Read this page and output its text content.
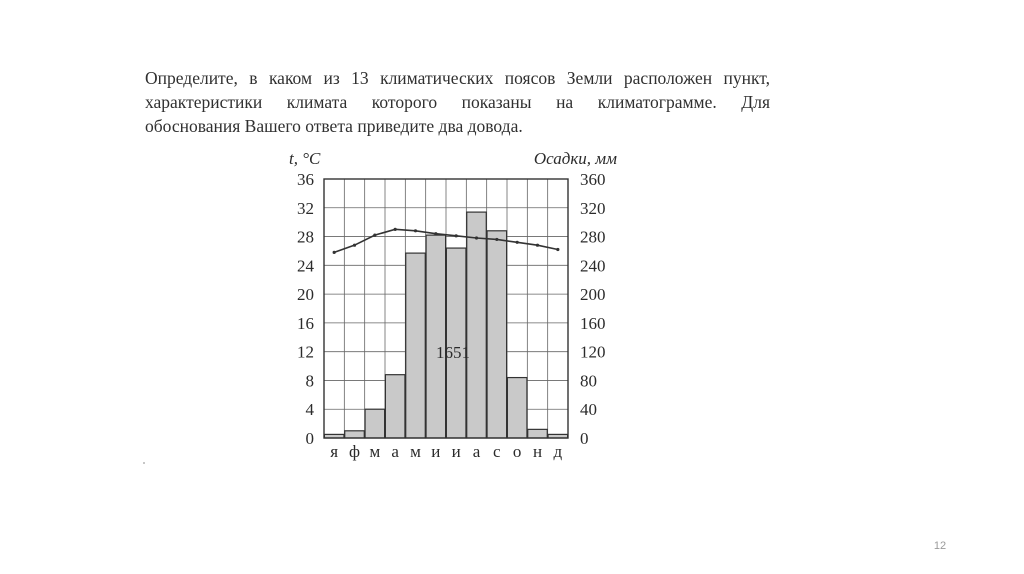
Определите, в каком из 13 климатических поясов Земли расположен пункт,
характеристики климата которого показаны на климатограмме. Для
обоснования Вашего ответа приведите два довода.
0
4
8
12
16
20
24
28
32
36
0
40
80
120
160
200
240
280
320
360
t, °C	Осадки, мм
я ф м а м и и а с о н д
1651
12
